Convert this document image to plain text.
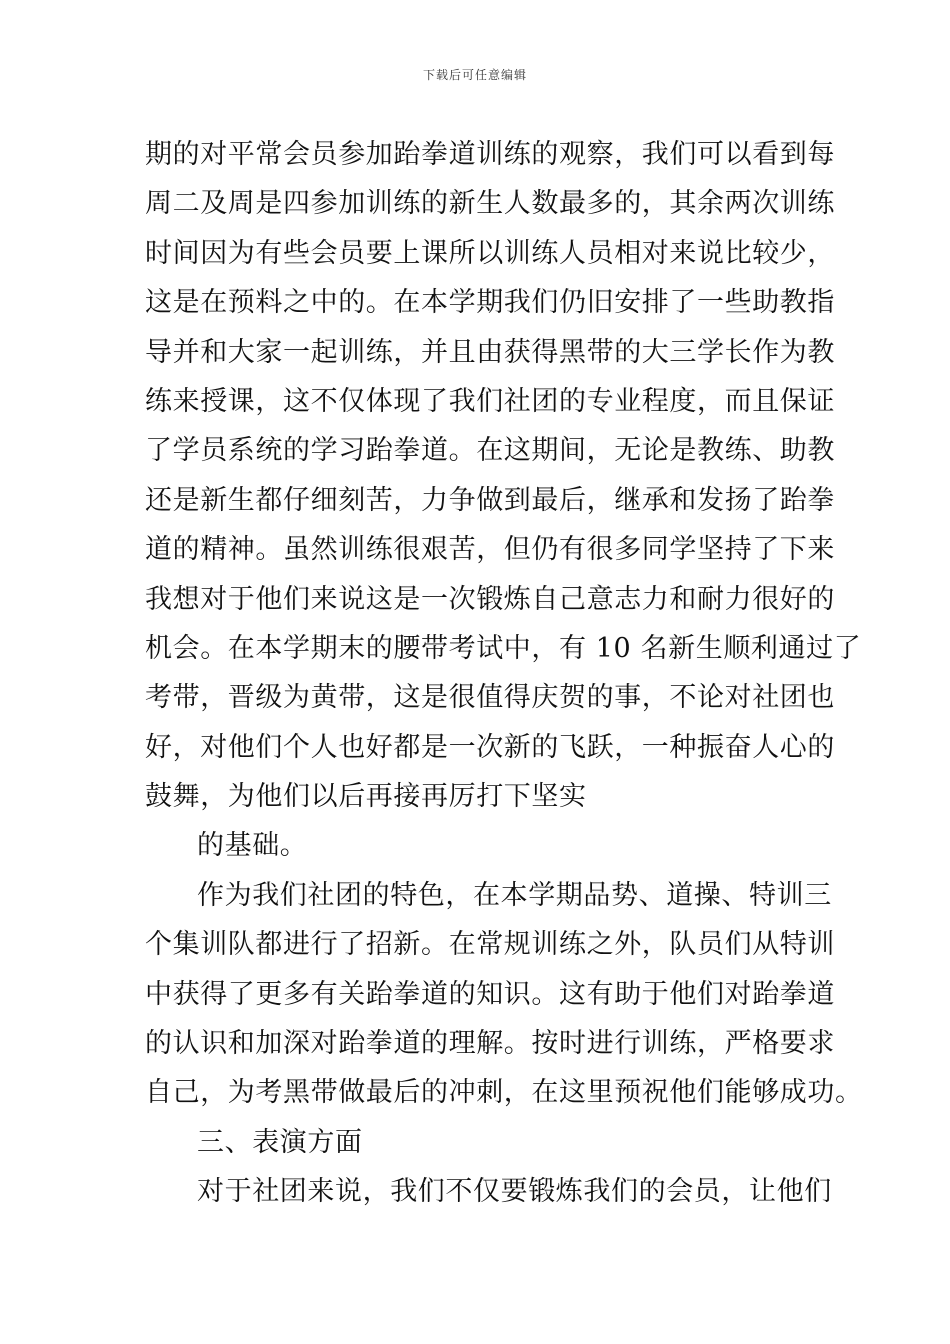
下载后可任意编辑
期的对平常会员参加跆拳道训练的观察，我们可以看到每
周二及周是四参加训练的新生人数最多的，其余两次训练
时间因为有些会员要上课所以训练人员相对来说比较少，
这是在预料之中的。在本学期我们仍旧安排了一些助教指
导并和大家一起训练，并且由获得黑带的大三学长作为教
练来授课，这不仅体现了我们社团的专业程度，而且保证
了学员系统的学习跆拳道。在这期间，无论是教练、助教
还是新生都仔细刻苦，力争做到最后，继承和发扬了跆拳
道的精神。虽然训练很艰苦，但仍有很多同学坚持了下来
我想对于他们来说这是一次锻炼自己意志力和耐力很好的
机会。在本学期末的腰带考试中，有 10 名新生顺利通过了
考带，晋级为黄带，这是很值得庆贺的事，不论对社团也
好，对他们个人也好都是一次新的飞跃，一种振奋人心的
鼓舞，为他们以后再接再厉打下坚实
的基础。
作为我们社团的特色，在本学期品势、道操、特训三
个集训队都进行了招新。在常规训练之外，队员们从特训
中获得了更多有关跆拳道的知识。这有助于他们对跆拳道
的认识和加深对跆拳道的理解。按时进行训练，严格要求
自己，为考黑带做最后的冲刺，在这里预祝他们能够成功。
三、表演方面
对于社团来说，我们不仅要锻炼我们的会员，让他们
